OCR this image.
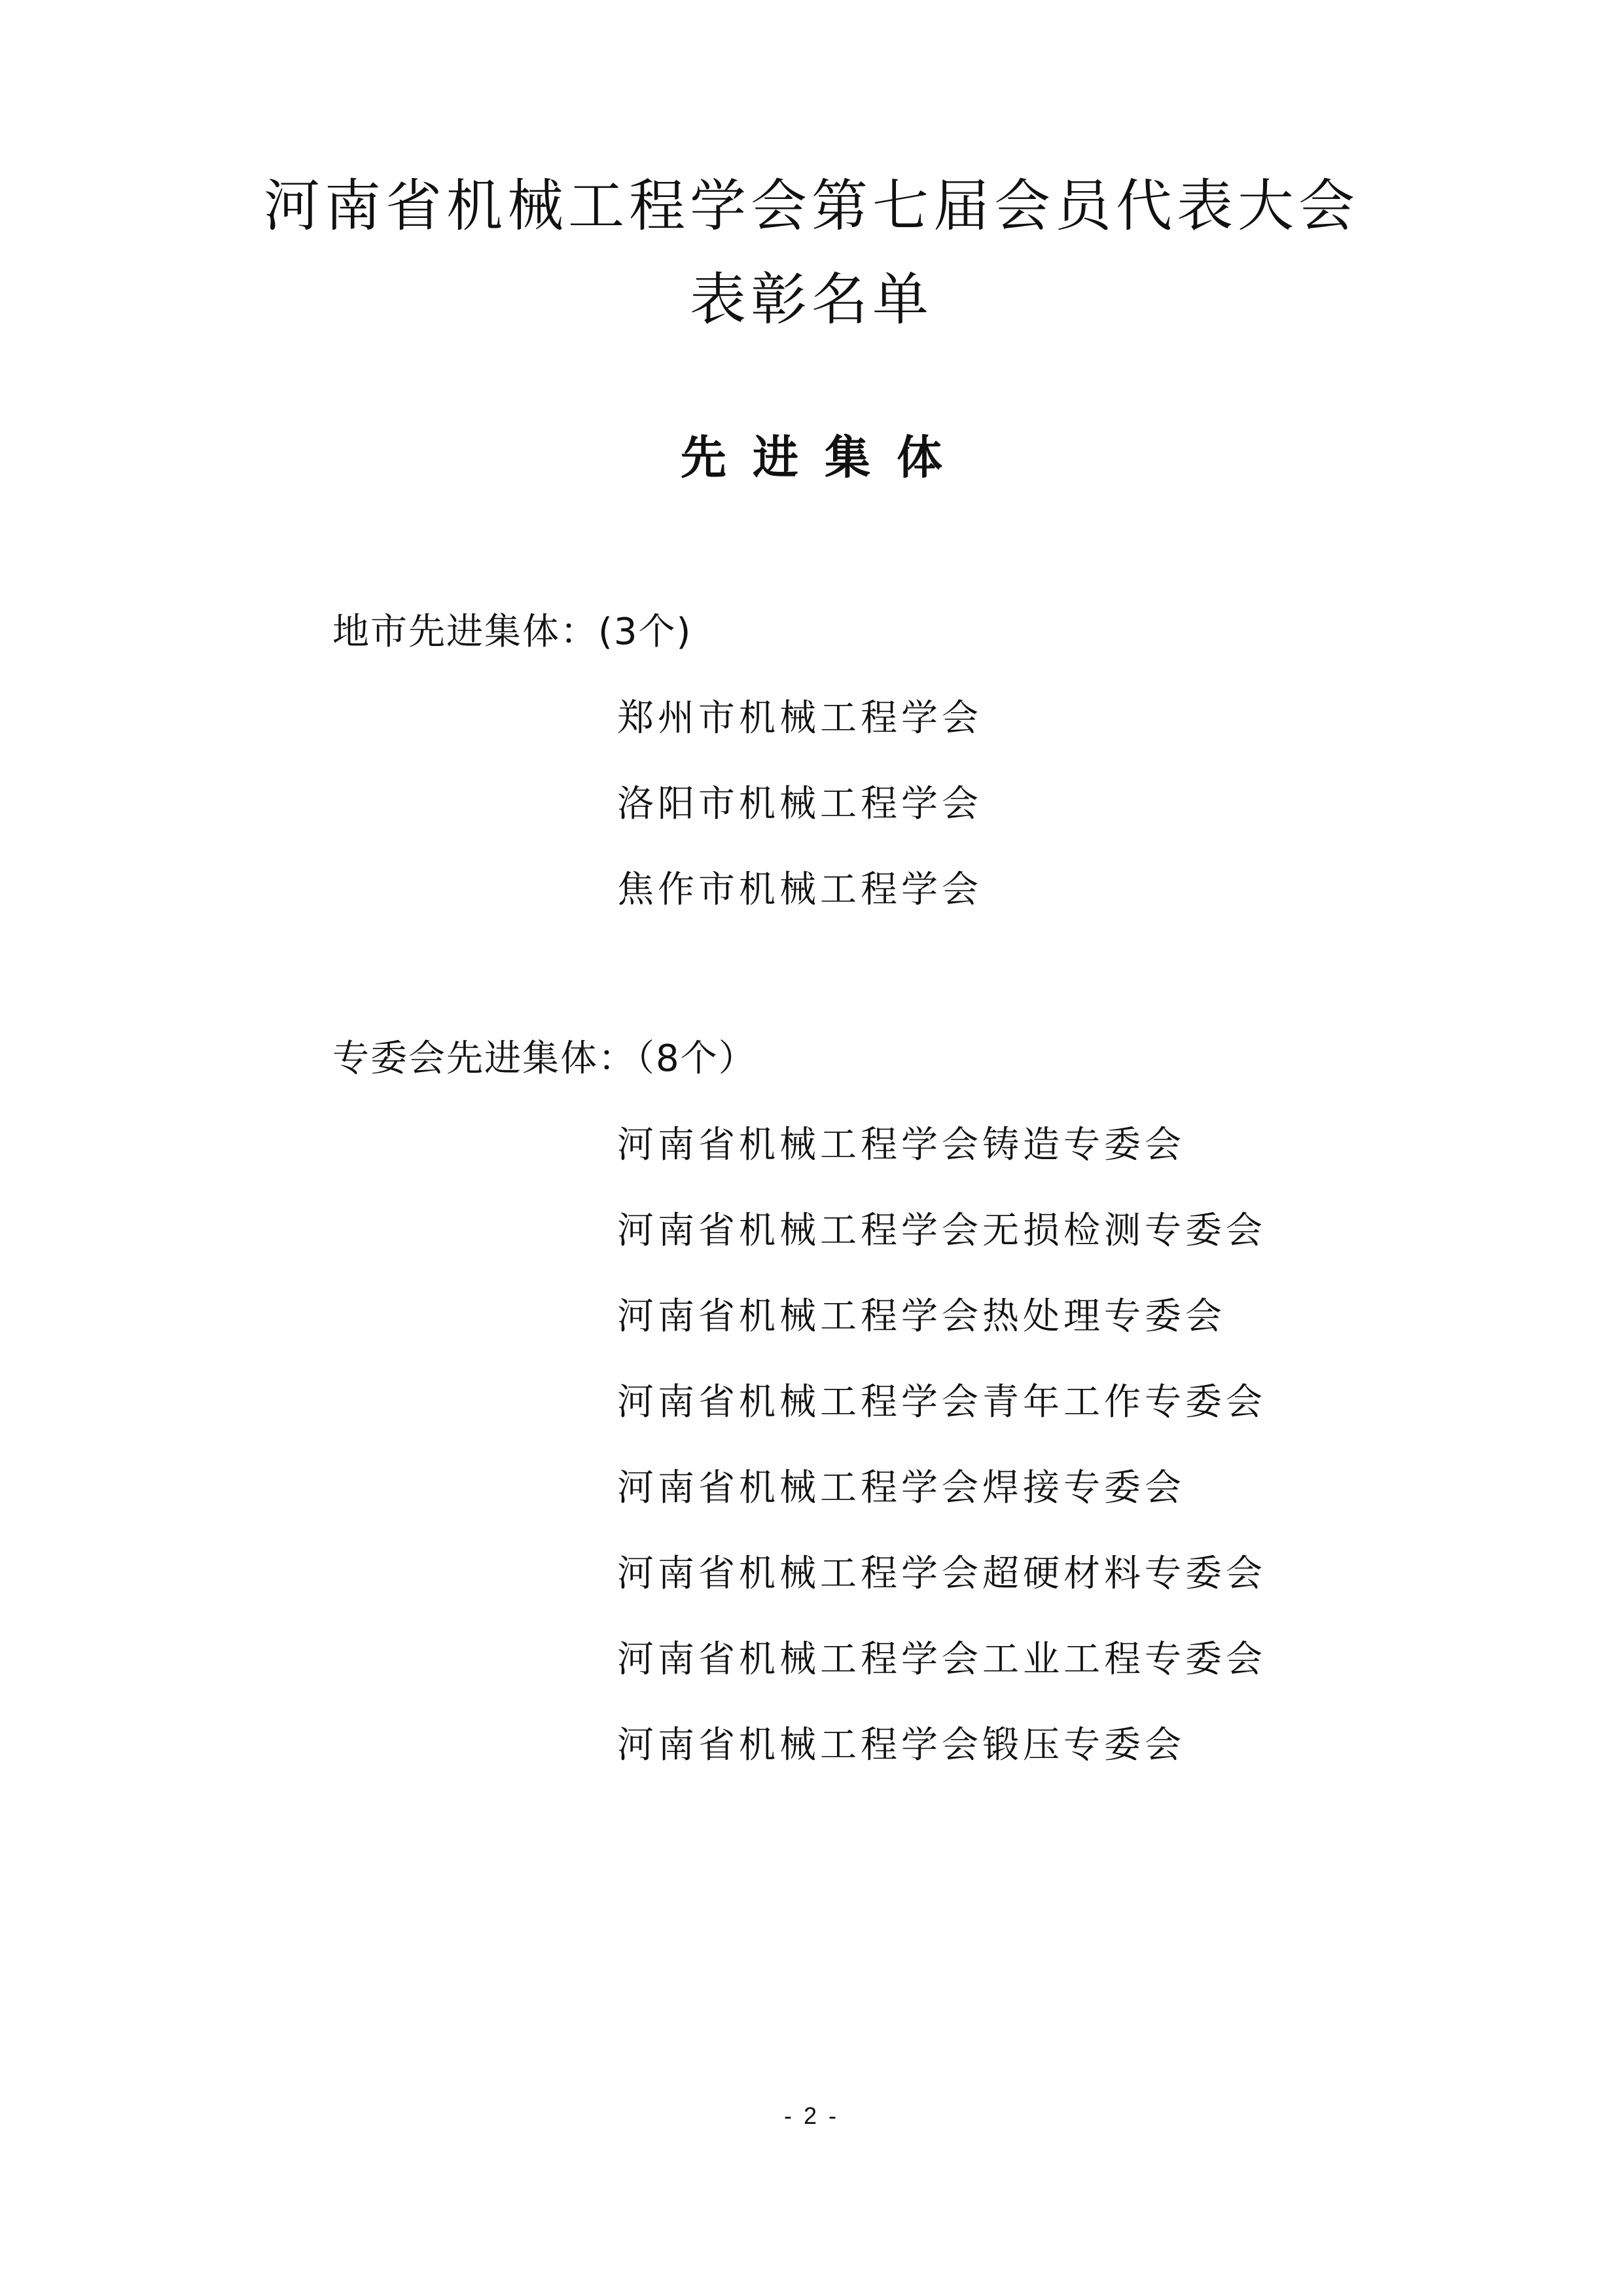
河南省机械工程学会第七届会员代表大会
表彰名单
先进集体
地市先进集体：(3个)
郑州市机械工程学会
洛阳市机械工程学会
焦作市机械工程学会
专委会先进集体：（8个）
河南省机械工程学会铸造专委会
河南省机械工程学会无损检测专委会
河南省机械工程学会热处理专委会
河南省机械工程学会青年工作专委会
河南省机械工程学会焊接专委会
河南省机械工程学会超硬材料专委会
河南省机械工程学会工业工程专委会
河南省机械工程学会锻压专委会
- 2 -
